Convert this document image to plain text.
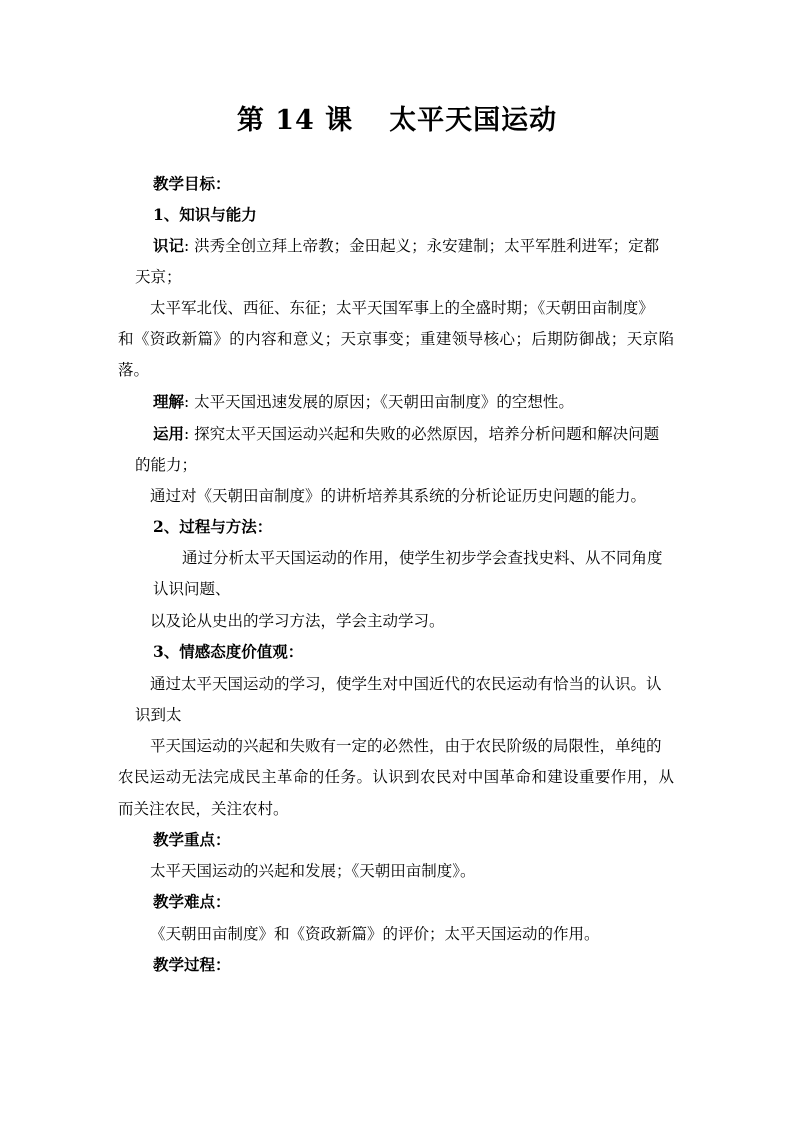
第 14 课 太平天国运动
教学目标：
1、知识与能力
识记: 洪秀全创立拜上帝教；金田起义；永安建制；太平军胜利进军；定都
天京；
太平军北伐、西征、东征；太平天国军事上的全盛时期；《天朝田亩制度》
和《资政新篇》的内容和意义；天京事变；重建领导核心；后期防御战；天京陷
落。
理解: 太平天国迅速发展的原因；《天朝田亩制度》的空想性。
运用: 探究太平天国运动兴起和失败的必然原因，培养分析问题和解决问题
的能力；
通过对《天朝田亩制度》的讲析培养其系统的分析论证历史问题的能力。
2、过程与方法：
通过分析太平天国运动的作用，使学生初步学会查找史料、从不同角度
认识问题、
以及论从史出的学习方法，学会主动学习。
3、情感态度价值观：
通过太平天国运动的学习，使学生对中国近代的农民运动有恰当的认识。认
识到太
平天国运动的兴起和失败有一定的必然性，由于农民阶级的局限性，单纯的
农民运动无法完成民主革命的任务。认识到农民对中国革命和建设重要作用，从
而关注农民，关注农村。
教学重点：
太平天国运动的兴起和发展；《天朝田亩制度》。
教学难点：
《天朝田亩制度》和《资政新篇》的评价；太平天国运动的作用。
教学过程：
